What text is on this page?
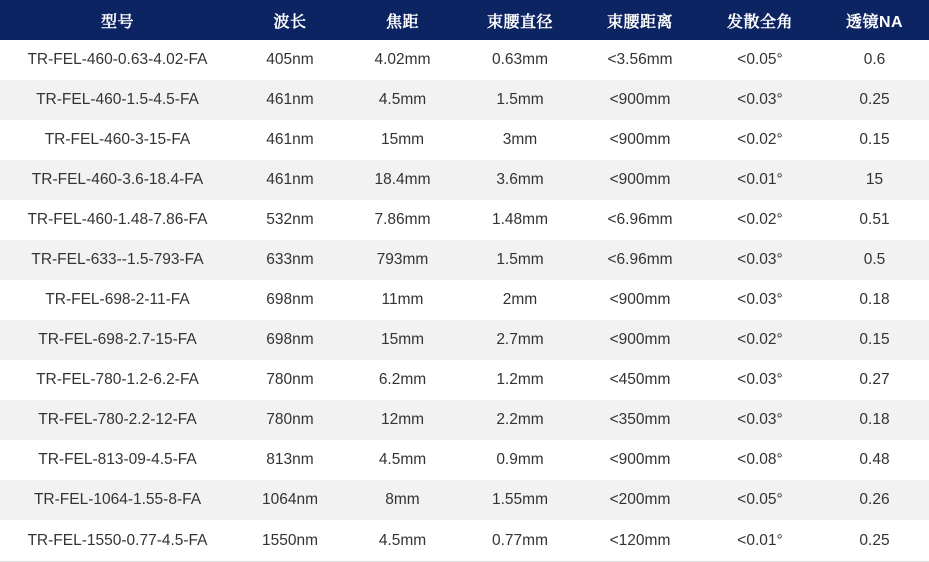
型号	波长	焦距	束腰直径	束腰距离	发散全角	透镜NA
TR-FEL-460-0.63-4.02-FA	405nm	4.02mm	0.63mm	<3.56mm	<0.05°	0.6
TR-FEL-460-1.5-4.5-FA	461nm	4.5mm	1.5mm	<900mm	<0.03°	0.25
TR-FEL-460-3-15-FA	461nm	15mm	3mm	<900mm	<0.02°	0.15
TR-FEL-460-3.6-18.4-FA	461nm	18.4mm	3.6mm	<900mm	<0.01°	15
TR-FEL-460-1.48-7.86-FA	532nm	7.86mm	1.48mm	<6.96mm	<0.02°	0.51
TR-FEL-633--1.5-793-FA	633nm	793mm	1.5mm	<6.96mm	<0.03°	0.5
TR-FEL-698-2-11-FA	698nm	11mm	2mm	<900mm	<0.03°	0.18
TR-FEL-698-2.7-15-FA	698nm	15mm	2.7mm	<900mm	<0.02°	0.15
TR-FEL-780-1.2-6.2-FA	780nm	6.2mm	1.2mm	<450mm	<0.03°	0.27
TR-FEL-780-2.2-12-FA	780nm	12mm	2.2mm	<350mm	<0.03°	0.18
TR-FEL-813-09-4.5-FA	813nm	4.5mm	0.9mm	<900mm	<0.08°	0.48
TR-FEL-1064-1.55-8-FA	1064nm	8mm	1.55mm	<200mm	<0.05°	0.26
TR-FEL-1550-0.77-4.5-FA	1550nm	4.5mm	0.77mm	<120mm	<0.01°	0.25
